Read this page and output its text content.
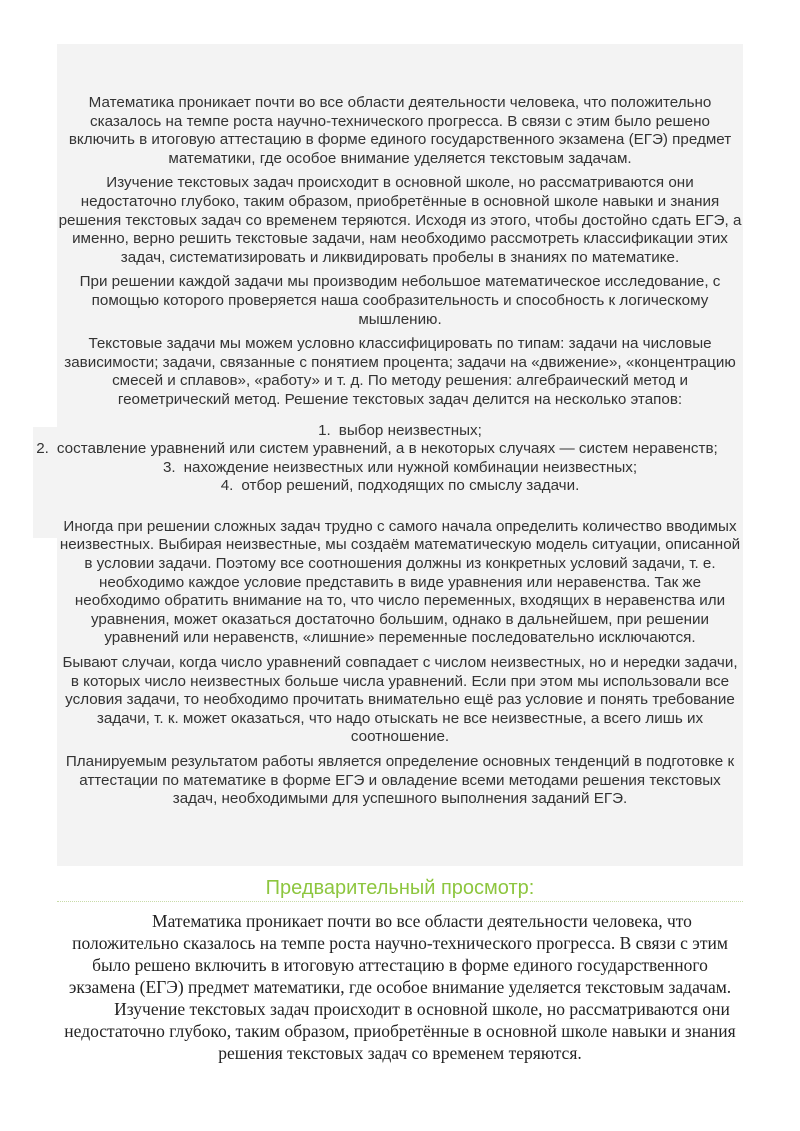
Математика проникает почти во все области деятельности человека, что положительно сказалось на темпе роста научно-технического прогресса. В связи с этим было решено включить в итоговую аттестацию в форме единого государственного экзамена (ЕГЭ) предмет математики, где особое внимание уделяется текстовым задачам.

Изучение текстовых задач происходит в основной школе, но рассматриваются они недостаточно глубоко, таким образом, приобретённые в основной школе навыки и знания решения текстовых задач со временем теряются. Исходя из этого, чтобы достойно сдать ЕГЭ, а именно, верно решить текстовые задачи, нам необходимо рассмотреть классификации этих задач, систематизировать и ликвидировать пробелы в знаниях по математике.

При решении каждой задачи мы производим небольшое математическое исследование, с помощью которого проверяется наша сообразительность и способность к логическому мышлению.

Текстовые задачи мы можем условно классифицировать по типам: задачи на числовые зависимости; задачи, связанные с понятием процента; задачи на «движение», «концентрацию смесей и сплавов», «работу» и т. д. По методу решения: алгебраический метод и геометрический метод. Решение текстовых задач делится на несколько этапов:

1. выбор неизвестных;
2. составление уравнений или систем уравнений, а в некоторых случаях — систем неравенств;
3. нахождение неизвестных или нужной комбинации неизвестных;
4. отбор решений, подходящих по смыслу задачи.

Иногда при решении сложных задач трудно с самого начала определить количество вводимых неизвестных. Выбирая неизвестные, мы создаём математическую модель ситуации, описанной в условии задачи. Поэтому все соотношения должны из конкретных условий задачи, т. е. необходимо каждое условие представить в виде уравнения или неравенства. Так же необходимо обратить внимание на то, что число переменных, входящих в неравенства или уравнения, может оказаться достаточно большим, однако в дальнейшем, при решении уравнений или неравенств, «лишние» переменные последовательно исключаются.

Бывают случаи, когда число уравнений совпадает с числом неизвестных, но и нередки задачи, в которых число неизвестных больше числа уравнений. Если при этом мы использовали все условия задачи, то необходимо прочитать внимательно ещё раз условие и понять требование задачи, т. к. может оказаться, что надо отыскать не все неизвестные, а всего лишь их соотношение.

Планируемым результатом работы является определение основных тенденций в подготовке к аттестации по математике в форме ЕГЭ и овладение всеми методами решения текстовых задач, необходимыми для успешного выполнения заданий ЕГЭ.

Предварительный просмотр:

Математика проникает почти во все области деятельности человека, что положительно сказалось на темпе роста научно-технического прогресса. В связи с этим было решено включить в итоговую аттестацию в форме единого государственного экзамена (ЕГЭ) предмет математики, где особое внимание уделяется текстовым задачам.

Изучение текстовых задач происходит в основной школе, но рассматриваются они недостаточно глубоко, таким образом, приобретённые в основной школе навыки и знания решения текстовых задач со временем теряются.
